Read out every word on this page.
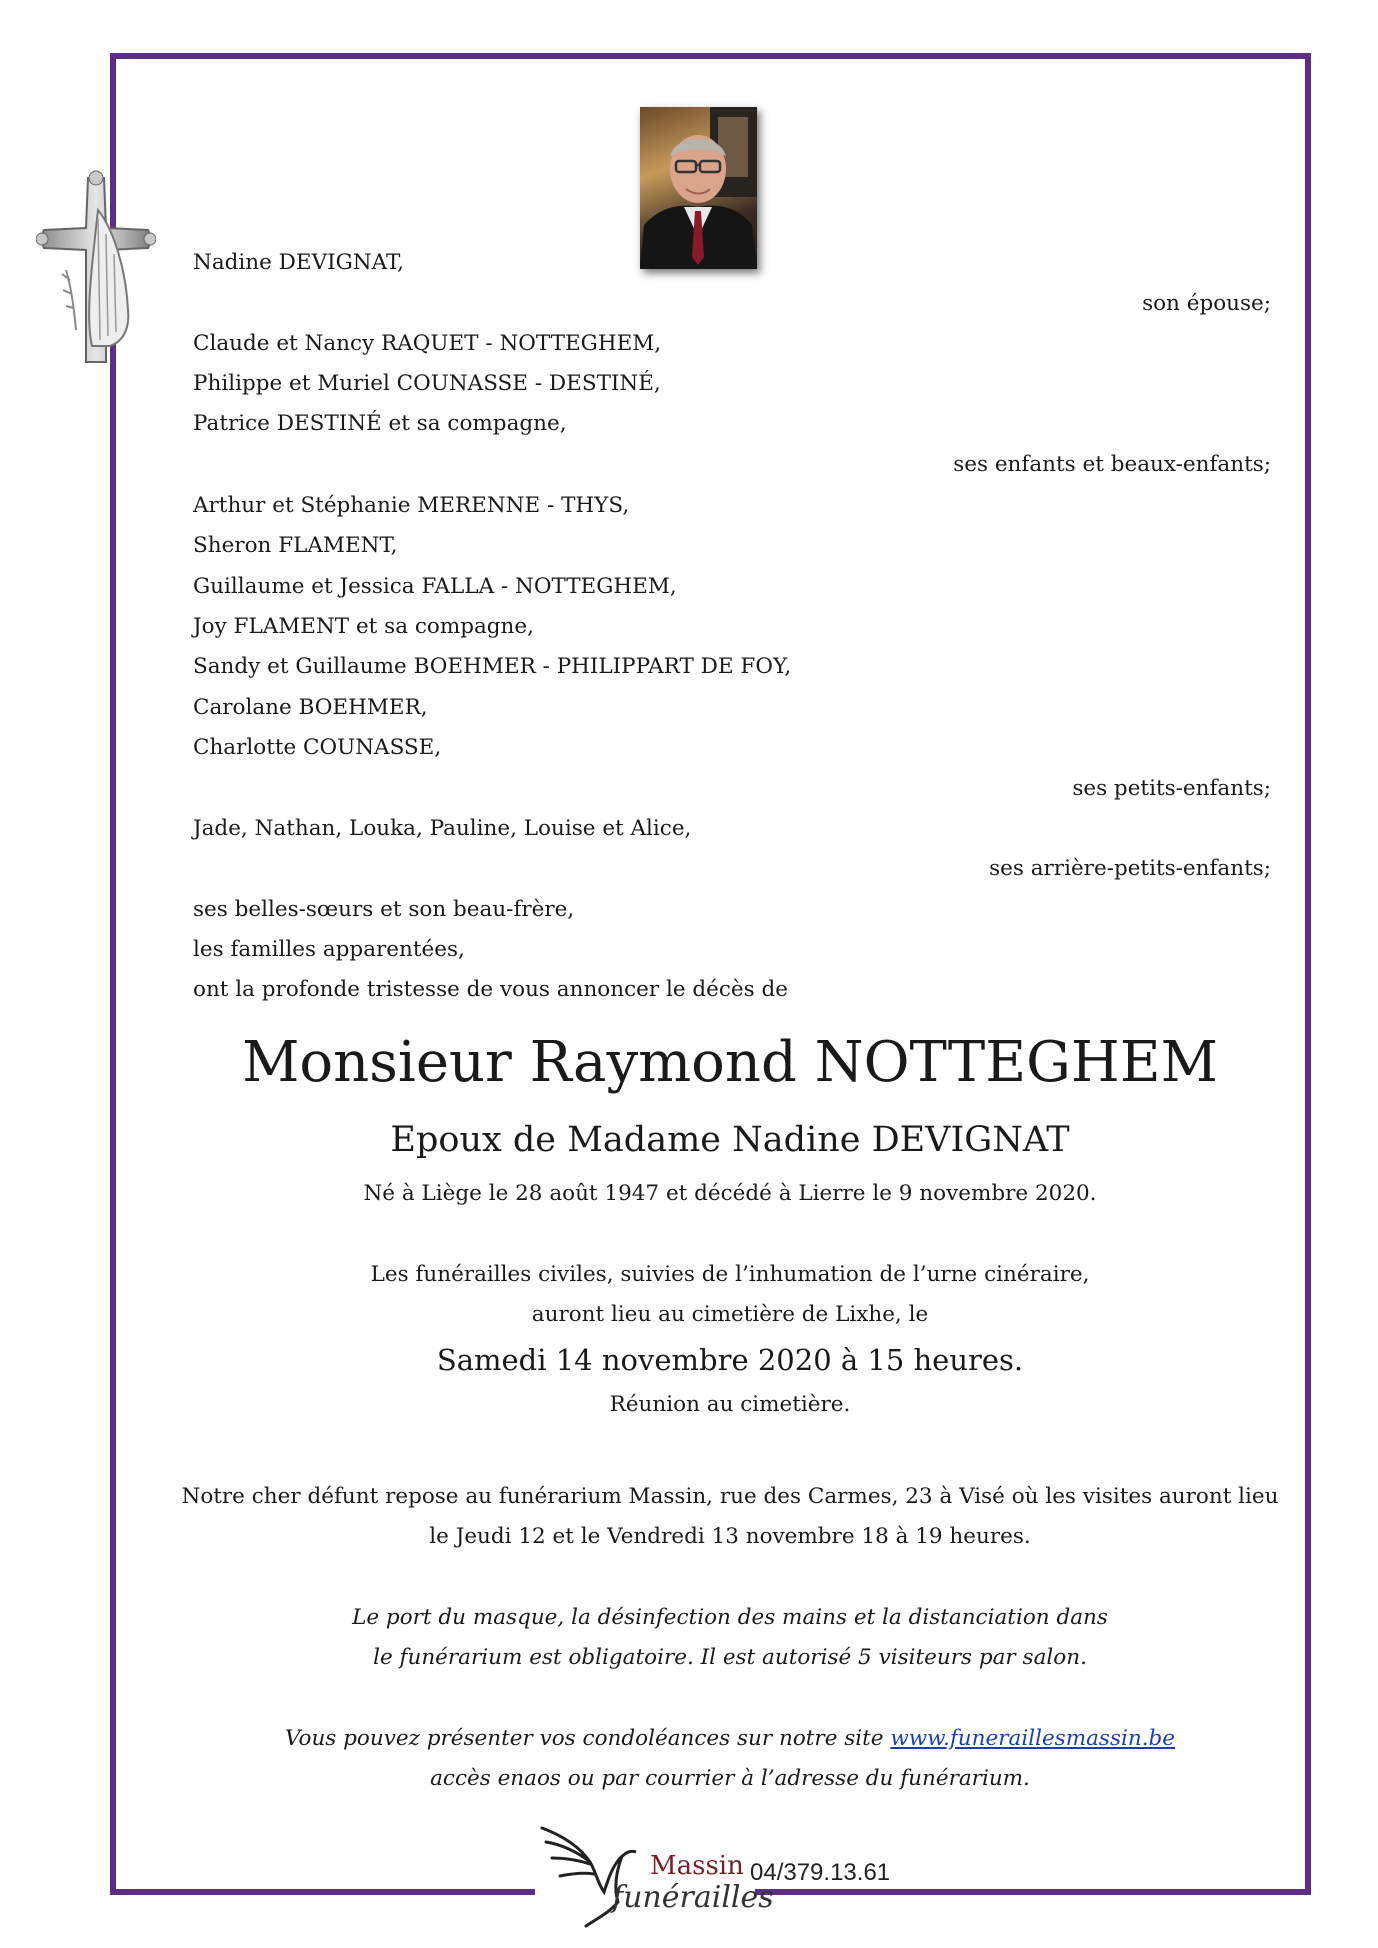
Nadine DEVIGNAT,
son épouse;
Claude et Nancy RAQUET - NOTTEGHEM,
Philippe et Muriel COUNASSE - DESTINÉ,
Patrice DESTINÉ et sa compagne,
ses enfants et beaux-enfants;
Arthur et Stéphanie MERENNE - THYS,
Sheron FLAMENT,
Guillaume et Jessica FALLA - NOTTEGHEM,
Joy FLAMENT et sa compagne,
Sandy et Guillaume BOEHMER - PHILIPPART DE FOY,
Carolane BOEHMER,
Charlotte COUNASSE,
ses petits-enfants;
Jade, Nathan, Louka, Pauline, Louise et Alice,
ses arrière-petits-enfants;
ses belles-sœurs et son beau-frère,
les familles apparentées,
ont la profonde tristesse de vous annoncer le décès de
Monsieur Raymond NOTTEGHEM
Epoux de Madame Nadine DEVIGNAT
Né à Liège le 28 août 1947 et décédé à Lierre le 9 novembre 2020.
Les funérailles civiles, suivies de l’inhumation de l’urne cinéraire,
auront lieu au cimetière de Lixhe, le
Samedi 14 novembre 2020 à 15 heures.
Réunion au cimetière.
Notre cher défunt repose au funérarium Massin, rue des Carmes, 23 à Visé où les visites auront lieu
le Jeudi 12 et le Vendredi 13 novembre 18 à 19 heures.
Le port du masque, la désinfection des mains et la distanciation dans
le funérarium est obligatoire. Il est autorisé 5 visiteurs par salon.
Vous pouvez présenter vos condoléances sur notre site www.funeraillesmassin.be
accès enaos ou par courrier à l’adresse du funérarium.
Massin
funérailles
04/379.13.61
